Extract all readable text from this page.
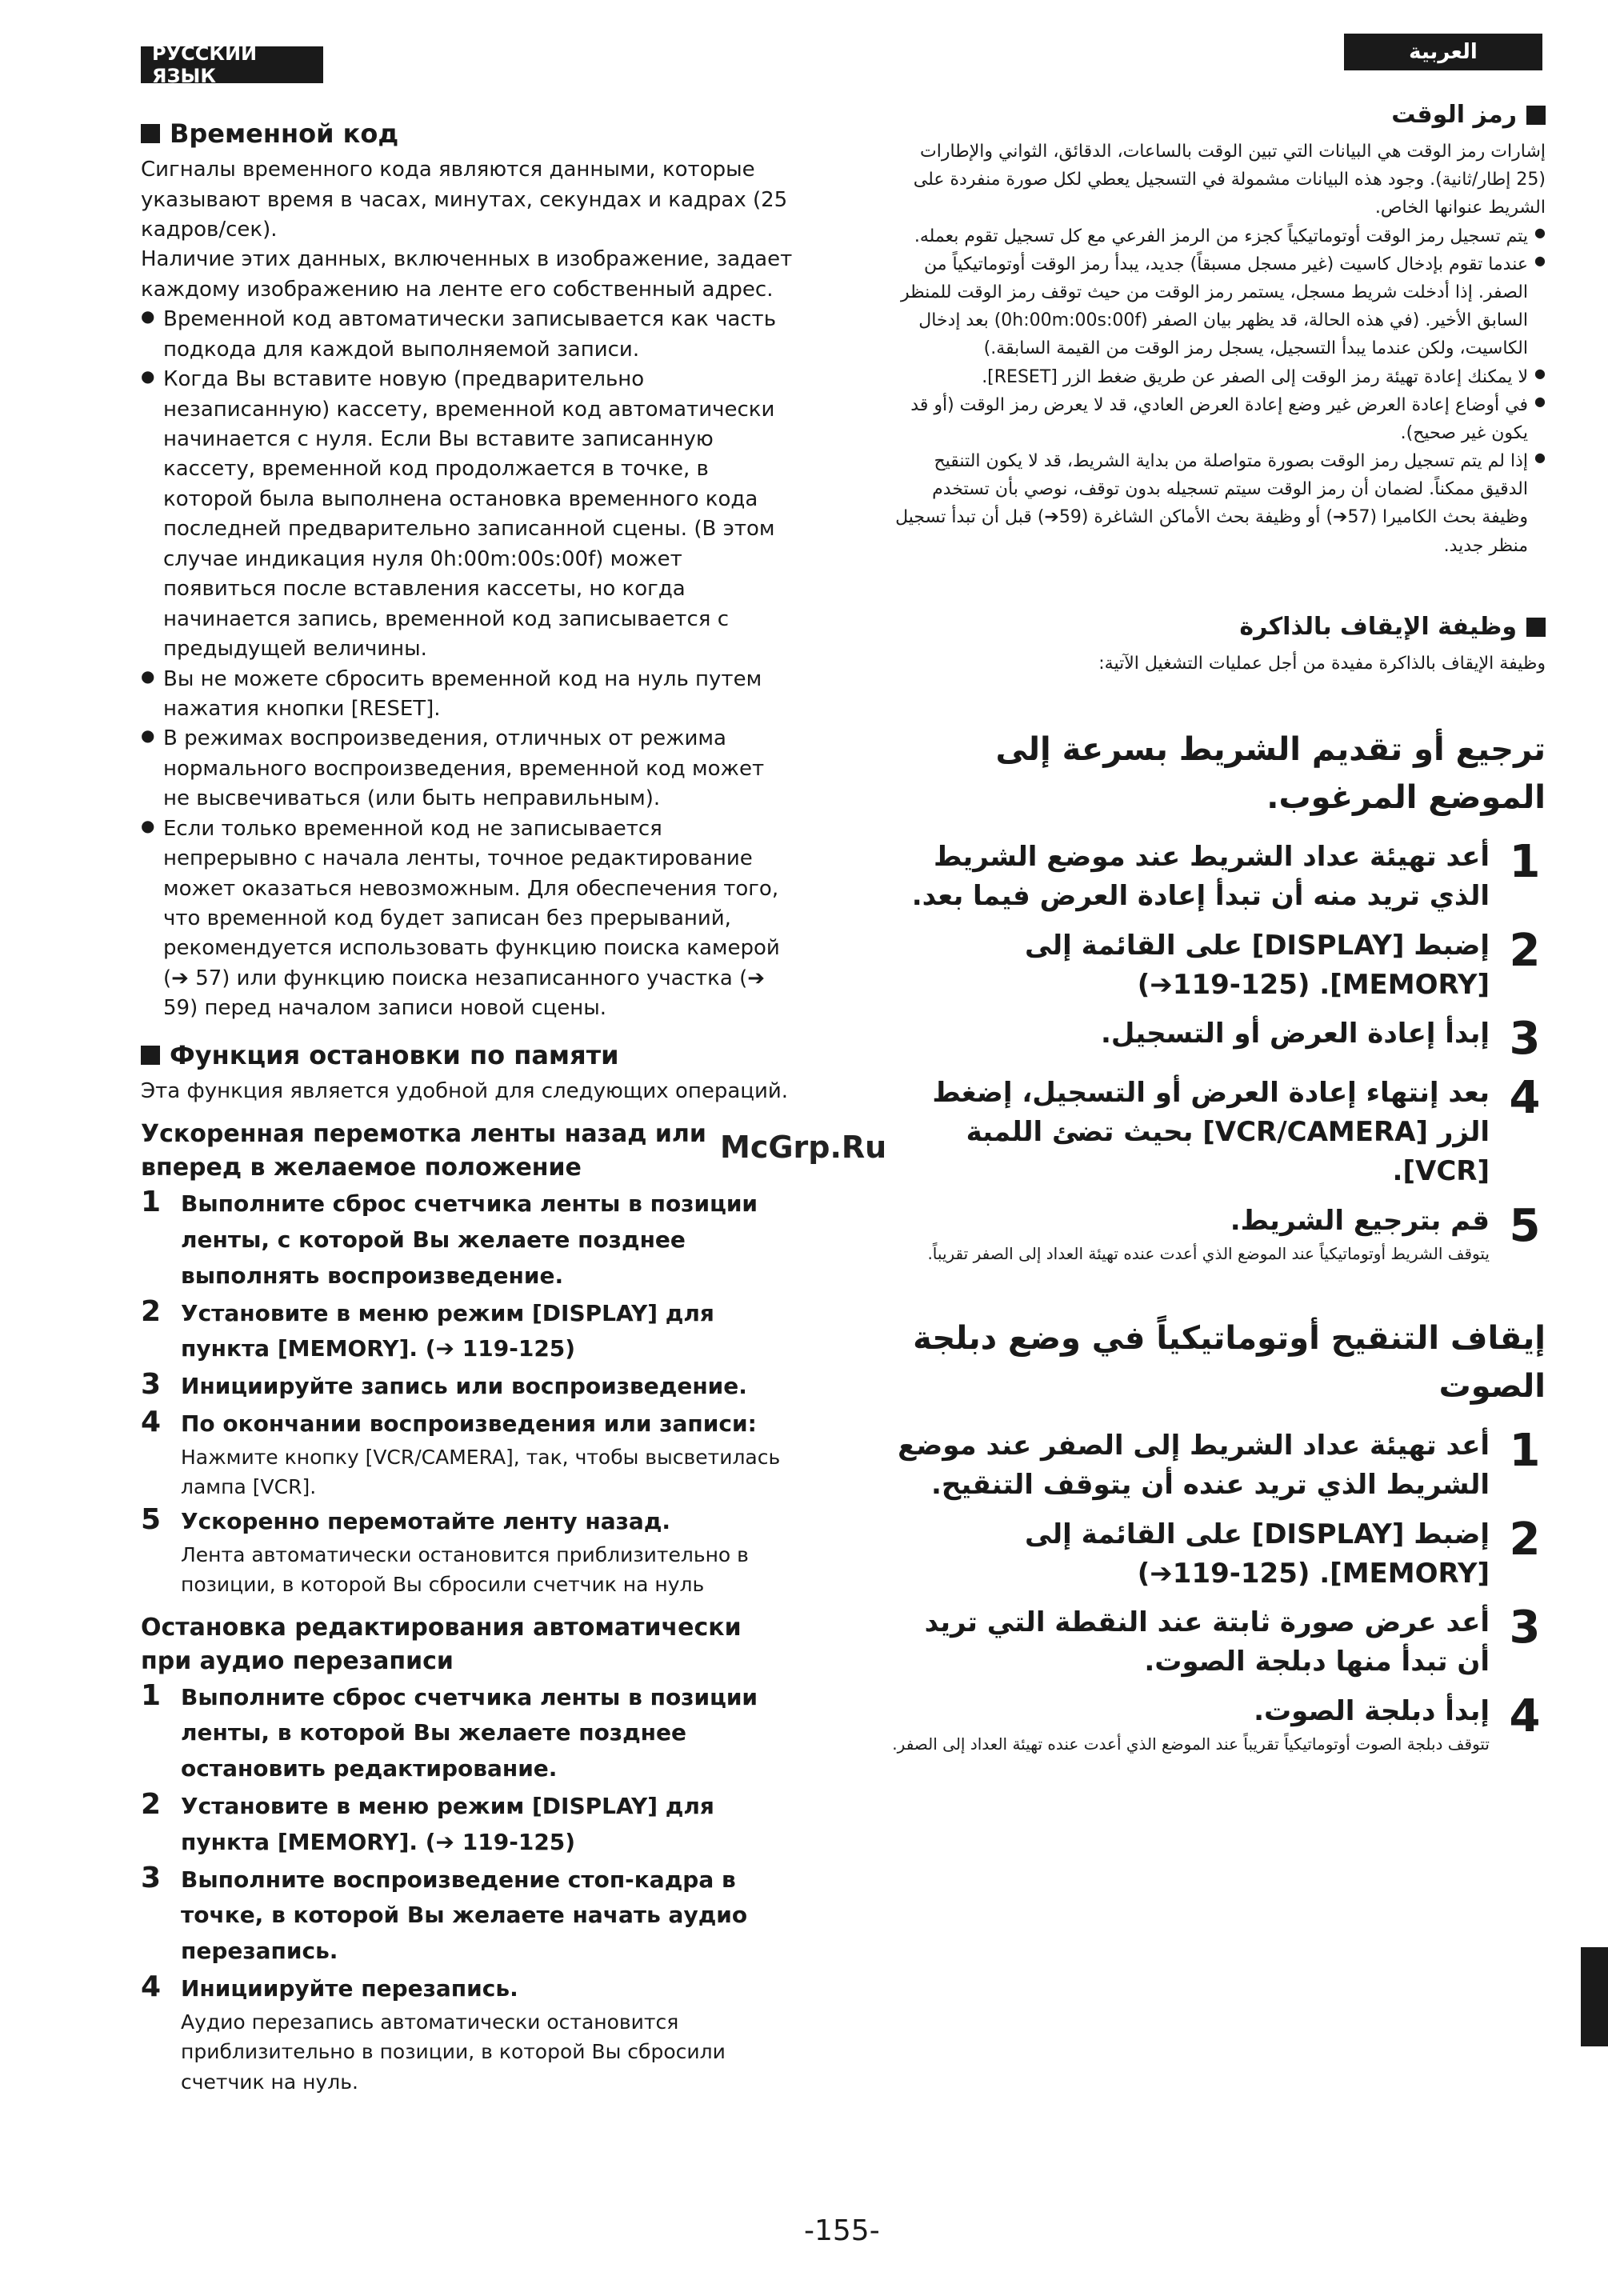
РУССКИЙ ЯЗЫК
العربية
McGrp.Ru
-155-
Временной код

Сигналы временного кода являются данными, которые указывают время в часах, минутах, секундах и кадрах (25 кадров/сек).

Наличие этих данных, включенных в изображение, задает каждому изображению на ленте его собственный адрес.

● Временной код автоматически записывается как часть подкода для каждой выполняемой записи.
● Когда Вы вставите новую (предварительно незаписанную) кассету, временной код автоматически начинается с нуля. Если Вы вставите записанную кассету, временной код продолжается в точке, в которой была выполнена остановка временного кода последней предварительно записанной сцены. (В этом случае индикация нуля 0h:00m:00s:00f) может появиться после вставления кассеты, но когда начинается запись, временной код записывается с предыдущей величины.
● Вы не можете сбросить временной код на нуль путем нажатия кнопки [RESET].
● В режимах воспроизведения, отличных от режима нормального воспроизведения, временной код может не высвечиваться (или быть неправильным).
● Если только временной код не записывается непрерывно с начала ленты, точное редактирование может оказаться невозможным. Для обеспечения того, что временной код будет записан без прерываний, рекомендуется использовать функцию поиска камерой (➔ 57) или функцию поиска незаписанного участка (➔ 59) перед началом записи новой сцены.
Функция остановки по памяти

Эта функция является удобной для следующих операций.

Ускоренная перемотка ленты назад или вперед в желаемое положение
1 Выполните сброс счетчика ленты в позиции ленты, с которой Вы желаете позднее выполнять воспроизведение.
2 Установите в меню режим [DISPLAY] для пункта [MEMORY]. (➔ 119-125)
3 Инициируйте запись или воспроизведение.
4 По окончании воспроизведения или записи:
Нажмите кнопку [VCR/CAMERA], так, чтобы высветилась лампа [VCR].
5 Ускоренно перемотайте ленту назад.
Лента автоматически остановится приблизительно в позиции, в которой Вы сбросили счетчик на нуль
Остановка редактирования автоматически при аудио перезаписи
1 Выполните сброс счетчика ленты в позиции ленты, в которой Вы желаете позднее остановить редактирование.
2 Установите в меню режим [DISPLAY] для пункта [MEMORY]. (➔ 119-125)
3 Выполните воспроизведение стоп-кадра в точке, в которой Вы желаете начать аудио перезапись.
4 Инициируйте перезапись.
Аудио перезапись автоматически остановится приблизительно в позиции, в которой Вы сбросили счетчик на нуль.
رمز الوقت

إشارات رمز الوقت هي البيانات التي تبين الوقت بالساعات، الدقائق، الثواني والإطارات (25 إطار/ثانية). وجود هذه البيانات مشمولة في التسجيل يعطي لكل صورة منفردة على الشريط عنوانها الخاص.

● يتم تسجيل رمز الوقت أوتوماتيكياً كجزء من الرمز الفرعي مع كل تسجيل تقوم بعمله.
● عندما تقوم بإدخال كاسيت (غير مسجل مسبقاً) جديد، يبدأ رمز الوقت أوتوماتيكياً من الصفر. إذا أدخلت شريط مسجل، يستمر رمز الوقت من حيث توقف رمز الوقت للمنظر السابق الأخير. (في هذه الحالة، قد يظهر بيان الصفر (0h:00m:00s:00f) بعد إدخال الكاسيت، ولكن عندما يبدأ التسجيل، يسجل رمز الوقت من القيمة السابقة.)
● لا يمكنك إعادة تهيئة رمز الوقت إلى الصفر عن طريق ضغط الزر [RESET].
● في أوضاع إعادة العرض غير وضع إعادة العرض العادي، قد لا يعرض رمز الوقت (أو قد يكون غير صحيح).
● إذا لم يتم تسجيل رمز الوقت بصورة متواصلة من بداية الشريط، قد لا يكون التنقيح الدقيق ممكناً. لضمان أن رمز الوقت سيتم تسجيله بدون توقف، نوصي بأن تستخدم وظيفة بحث الكاميرا (57➔) أو وظيفة بحث الأماكن الشاغرة (59➔) قبل أن تبدأ تسجيل منظر جديد.
وظيفة الإيقاف بالذاكرة

وظيفة الإيقاف بالذاكرة مفيدة من أجل عمليات التشغيل الآتية:

ترجيع أو تقديم الشريط بسرعة إلى الموضع المرغوب.
1
أعد تهيئة عداد الشريط عند موضع الشريط الذي تريد منه أن تبدأ إعادة العرض فيما بعد.
2
إضبط [DISPLAY] على القائمة إلى [MEMORY]. (119-125➔)
3
إبدأ إعادة العرض أو التسجيل.
4
بعد إنتهاء إعادة العرض أو التسجيل، إضغط الزر [VCR/CAMERA] بحيث تضئ اللمبة [VCR].
5
قم بترجيع الشريط.
يتوقف الشريط أوتوماتيكياً عند الموضع الذي أعدت عنده تهيئة العداد إلى الصفر تقريباً.
إيقاف التنقيح أوتوماتيكياً في وضع دبلجة الصوت
1
أعد تهيئة عداد الشريط إلى الصفر عند موضع الشريط الذي تريد عنده أن يتوقف التنقيح.
2
إضبط [DISPLAY] على القائمة إلى [MEMORY]. (119-125➔)
3
أعد عرض صورة ثابتة عند النقطة التي تريد أن تبدأ منها دبلجة الصوت.
4
إبدأ دبلجة الصوت.
تتوقف دبلجة الصوت أوتوماتيكياً تقريباً عند الموضع الذي أعدت عنده تهيئة العداد إلى الصفر.
